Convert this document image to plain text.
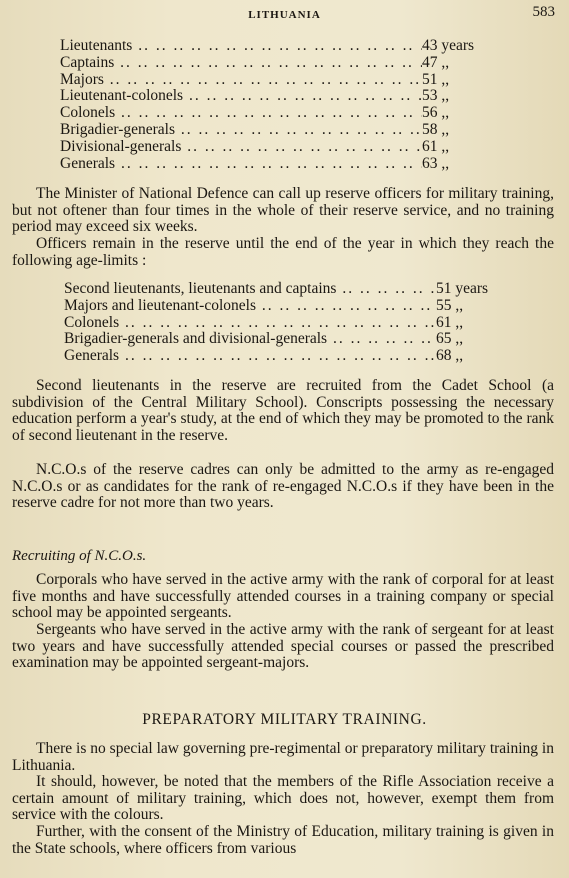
LITHUANIA	583
Lieutenants .. ..	43 years
Captains .. ..	47 ,,
Majors .. ..	51 ,,
Lieutenant-colonels .. ..	53 ,,
Colonels .. ..	56 ,,
Brigadier-generals .. ..	58 ,,
Divisional-generals .. ..	61 ,,
Generals .. ..	63 ,,

The Minister of National Defence can call up reserve officers for military training, but not oftener than four times in the whole of their reserve service, and no training period may exceed six weeks.

Officers remain in the reserve until the end of the year in which they reach the following age-limits :

Second lieutenants, lieutenants and captains .. ..	51 years
Majors and lieutenant-colonels .. ..	55 ,,
Colonels .. ..	61 ,,
Brigadier-generals and divisional-generals .. ..	65 ,,
Generals .. ..	68 ,,

Second lieutenants in the reserve are recruited from the Cadet School (a subdivision of the Central Military School). Conscripts possessing the necessary education perform a year's study, at the end of which they may be promoted to the rank of second lieutenant in the reserve.

N.C.O.s of the reserve cadres can only be admitted to the army as re-engaged N.C.O.s or as candidates for the rank of re-engaged N.C.O.s if they have been in the reserve cadre for not more than two years.

Recruiting of N.C.O.s.

Corporals who have served in the active army with the rank of corporal for at least five months and have successfully attended courses in a training company or special school may be appointed sergeants.

Sergeants who have served in the active army with the rank of sergeant for at least two years and have successfully attended special courses or passed the prescribed examination may be appointed sergeant-majors.

PREPARATORY MILITARY TRAINING.

There is no special law governing pre-regimental or preparatory military training in Lithuania.

It should, however, be noted that the members of the Rifle Association receive a certain amount of military training, which does not, however, exempt them from service with the colours.

Further, with the consent of the Ministry of Education, military training is given in the State schools, where officers from various
